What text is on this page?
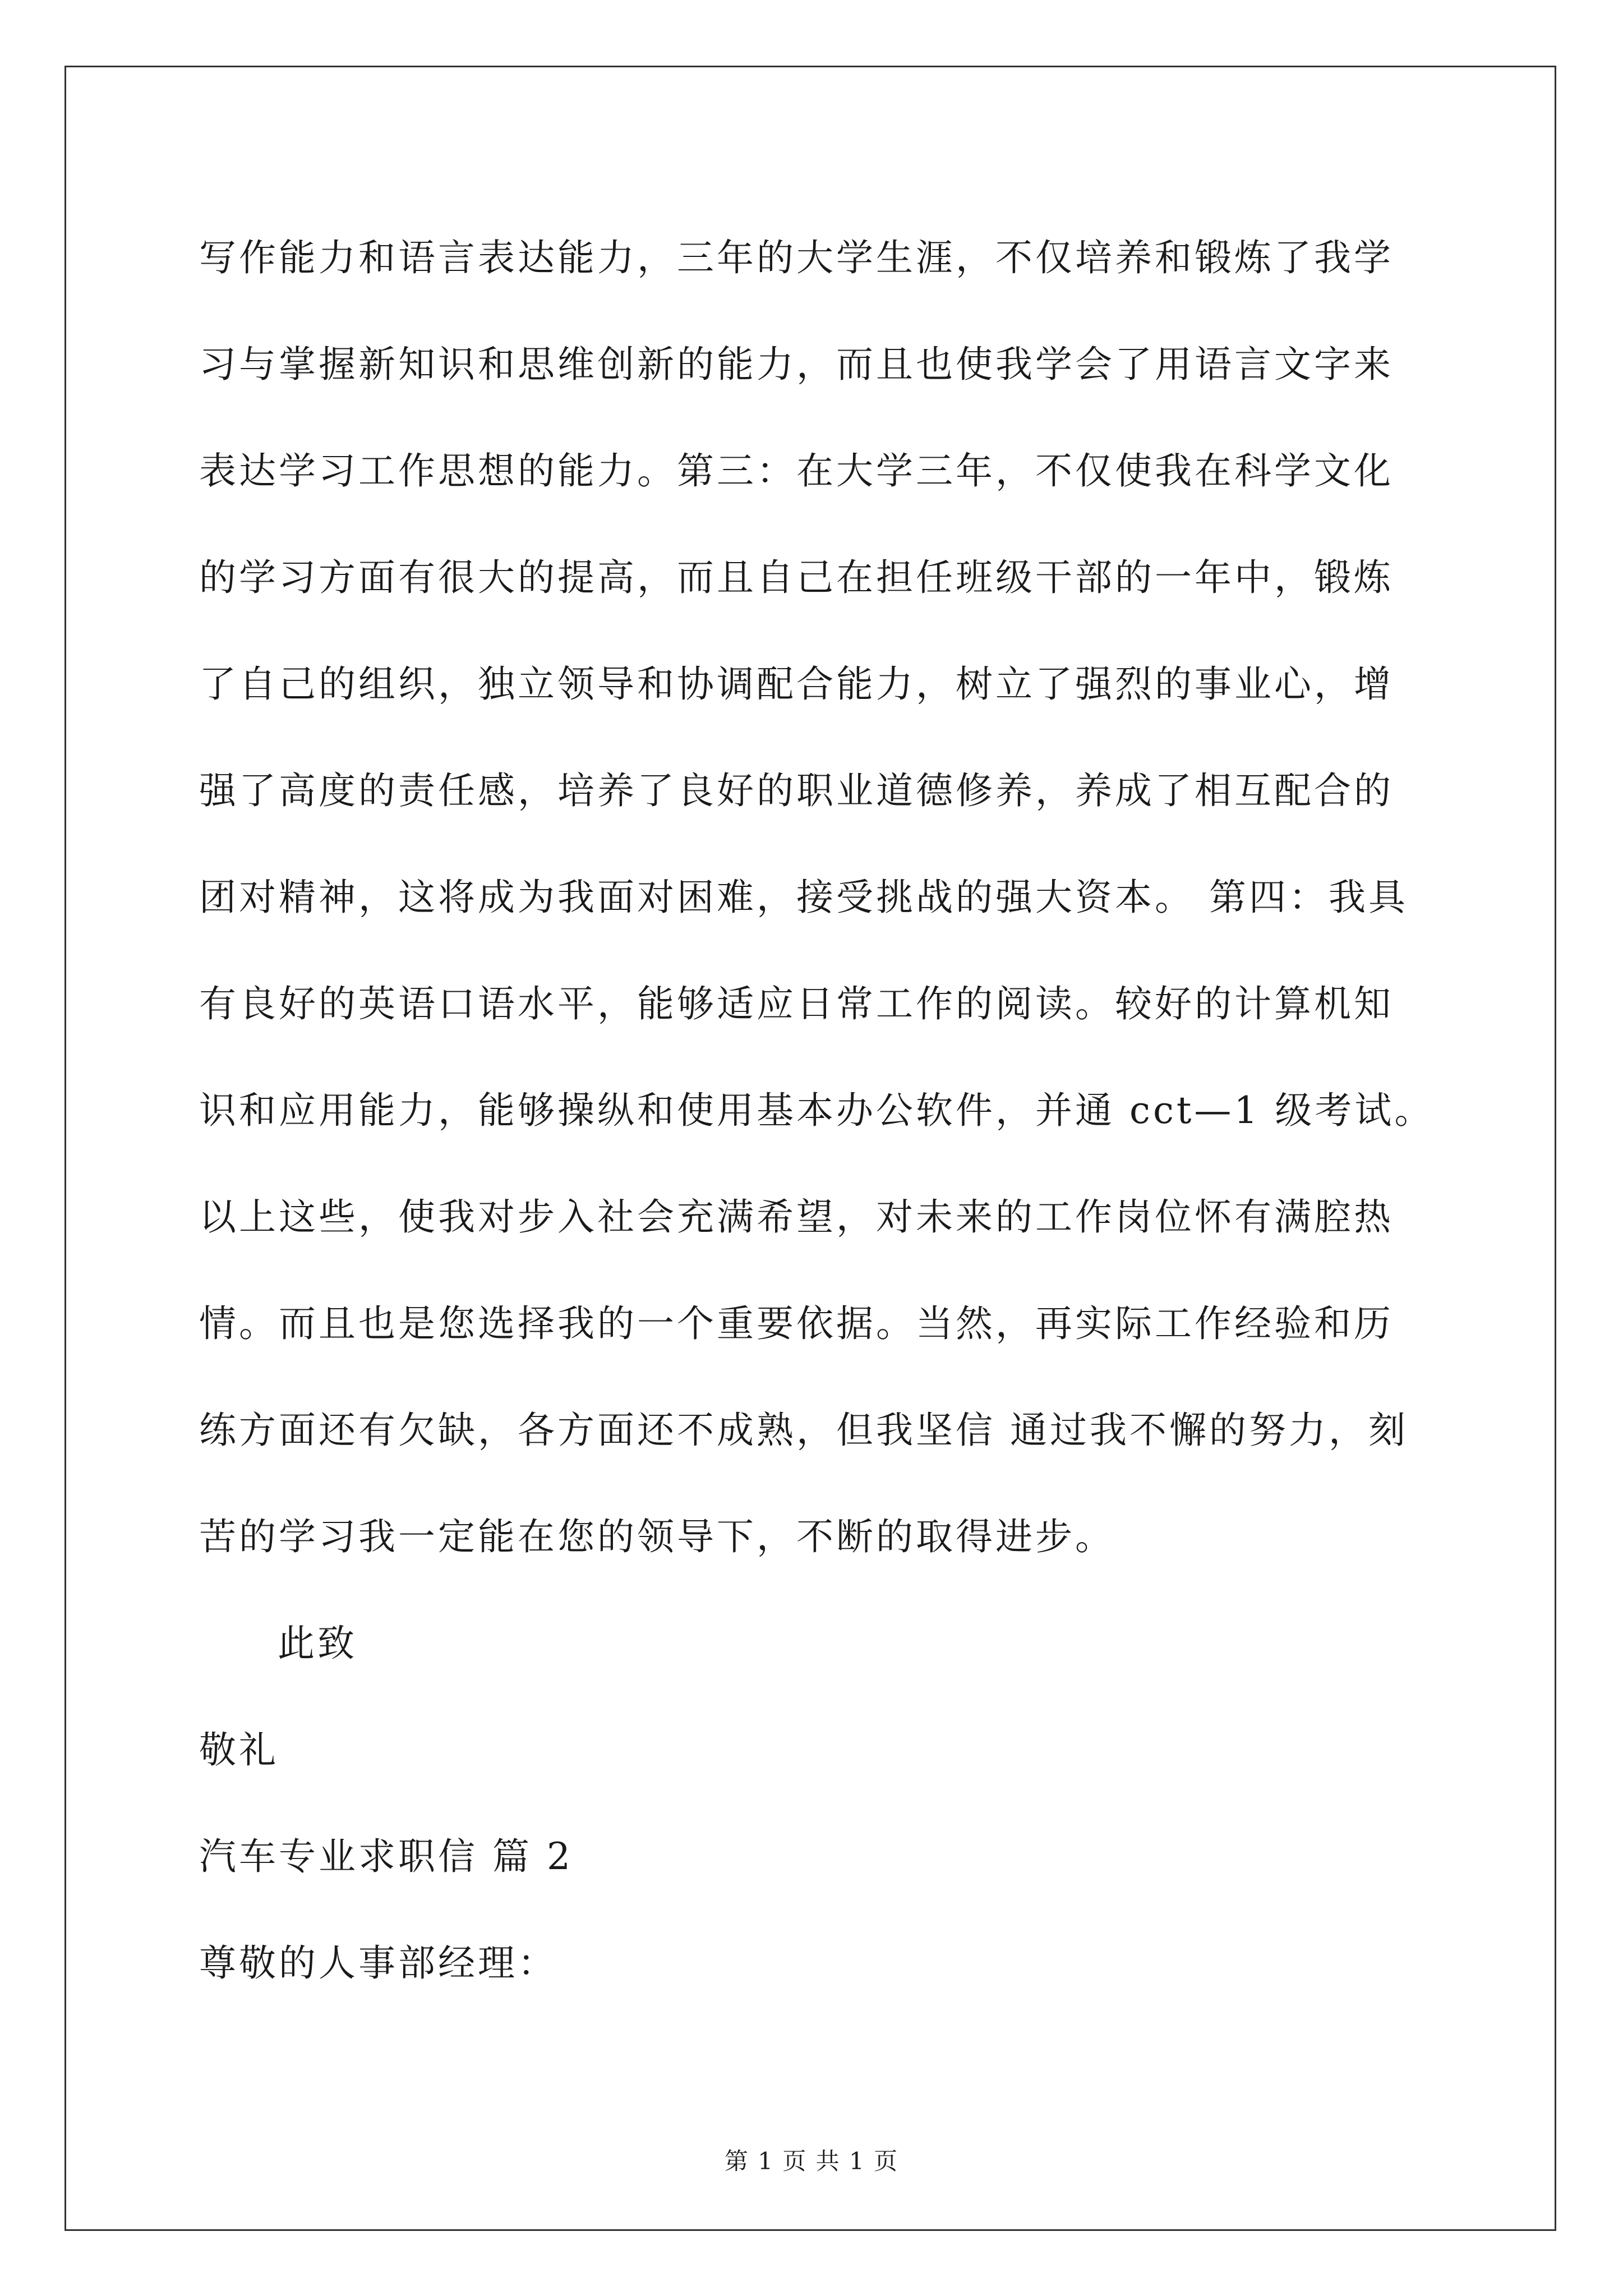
写作能力和语言表达能力，三年的大学生涯，不仅培养和锻炼了我学
习与掌握新知识和思维创新的能力，而且也使我学会了用语言文字来
表达学习工作思想的能力。第三：在大学三年，不仅使我在科学文化
的学习方面有很大的提高，而且自己在担任班级干部的一年中，锻炼
了自己的组织，独立领导和协调配合能力，树立了强烈的事业心，增
强了高度的责任感，培养了良好的职业道德修养，养成了相互配合的
团对精神，这将成为我面对困难，接受挑战的强大资本。 第四：我具
有良好的英语口语水平，能够适应日常工作的阅读。较好的计算机知
识和应用能力，能够操纵和使用基本办公软件，并通 cct—1 级考试。
以上这些，使我对步入社会充满希望，对未来的工作岗位怀有满腔热
情。而且也是您选择我的一个重要依据。当然，再实际工作经验和历
练方面还有欠缺，各方面还不成熟，但我坚信 通过我不懈的努力，刻
苦的学习我一定能在您的领导下，不断的取得进步。
此致
敬礼
汽车专业求职信 篇 2
尊敬的人事部经理：
第 1 页 共 1 页
